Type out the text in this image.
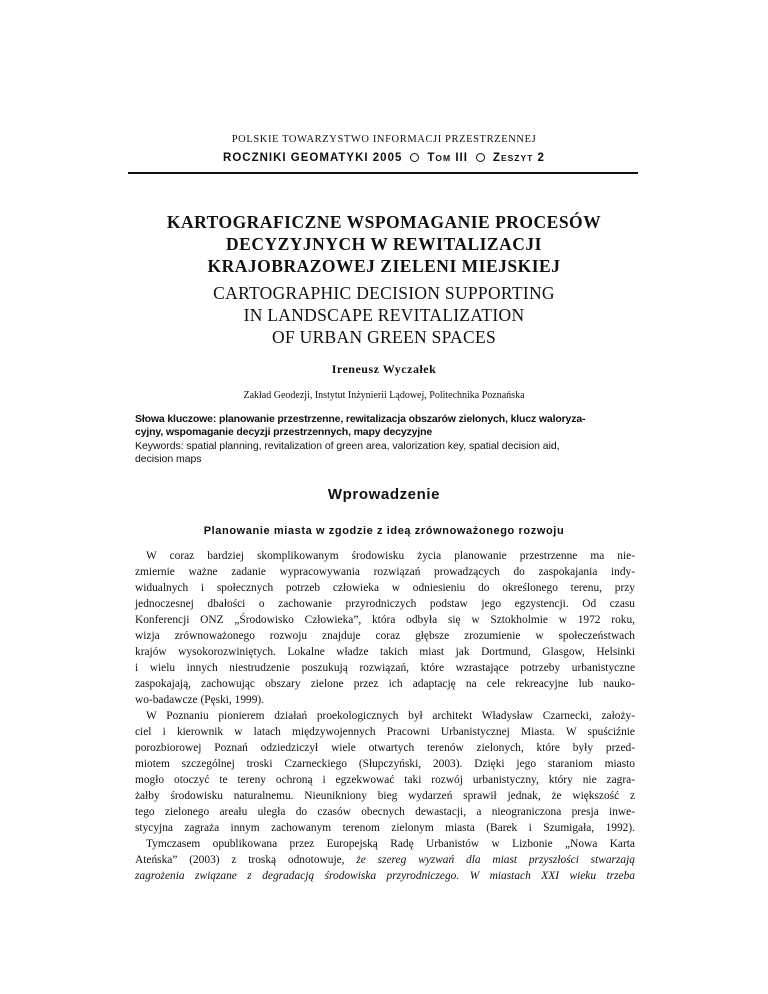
POLSKIE TOWARZYSTWO INFORMACJI PRZESTRZENNEJ
ROCZNIKI GEOMATYKI 2005 TOM III ZESZYT 2
KARTOGRAFICZNE WSPOMAGANIE PROCESÓW
DECYZYJNYCH W REWITALIZACJI
KRAJOBRAZOWEJ ZIELENI MIEJSKIEJ
CARTOGRAPHIC DECISION SUPPORTING
IN LANDSCAPE REVITALIZATION
OF URBAN GREEN SPACES
Ireneusz Wyczałek
Zakład Geodezji, Instytut Inżynierii Lądowej, Politechnika Poznańska
Słowa kluczowe: planowanie przestrzenne, rewitalizacja obszarów zielonych, klucz waloryza-
cyjny, wspomaganie decyzji przestrzennych, mapy decyzyjne
Keywords: spatial planning, revitalization of green area, valorization key, spatial decision aid,
decision maps
Wprowadzenie
Planowanie miasta w zgodzie z ideą zrównoważonego rozwoju
W coraz bardziej skomplikowanym środowisku życia planowanie przestrzenne ma nie-
zmiernie ważne zadanie wypracowywania rozwiązań prowadzących do zaspokajania indy-
widualnych i społecznych potrzeb człowieka w odniesieniu do określonego terenu, przy
jednoczesnej dbałości o zachowanie przyrodniczych podstaw jego egzystencji. Od czasu
Konferencji ONZ „Środowisko Człowieka”, która odbyła się w Sztokholmie w 1972 roku,
wizja zrównoważonego rozwoju znajduje coraz głębsze zrozumienie w społeczeństwach
krajów wysokorozwiniętych. Lokalne władze takich miast jak Dortmund, Glasgow, Helsinki
i wielu innych niestrudzenie poszukują rozwiązań, które wzrastające potrzeby urbanistyczne
zaspokajają, zachowując obszary zielone przez ich adaptację na cele rekreacyjne lub nauko-
wo-badawcze (Pęski, 1999).
W Poznaniu pionierem działań proekologicznych był architekt Władysław Czarnecki, założy-
ciel i kierownik w latach międzywojennych Pracowni Urbanistycznej Miasta. W spuściźnie
porozbiorowej Poznań odziedziczył wiele otwartych terenów zielonych, które były przed-
miotem szczególnej troski Czarneckiego (Słupczyński, 2003). Dzięki jego staraniom miasto
mogło otoczyć te tereny ochroną i egzekwować taki rozwój urbanistyczny, który nie zagra-
żałby środowisku naturalnemu. Nieunikniony bieg wydarzeń sprawił jednak, że większość z
tego zielonego areału uległa do czasów obecnych dewastacji, a nieograniczona presja inwe-
stycyjna zagraża innym zachowanym terenom zielonym miasta (Barek i Szumigała, 1992).
Tymczasem opublikowana przez Europejską Radę Urbanistów w Lizbonie „Nowa Karta
Ateńska” (2003) z troską odnotowuje, że szereg wyzwań dla miast przyszłości stwarzają
zagrożenia związane z degradacją środowiska przyrodniczego. W miastach XXI wieku trzeba
